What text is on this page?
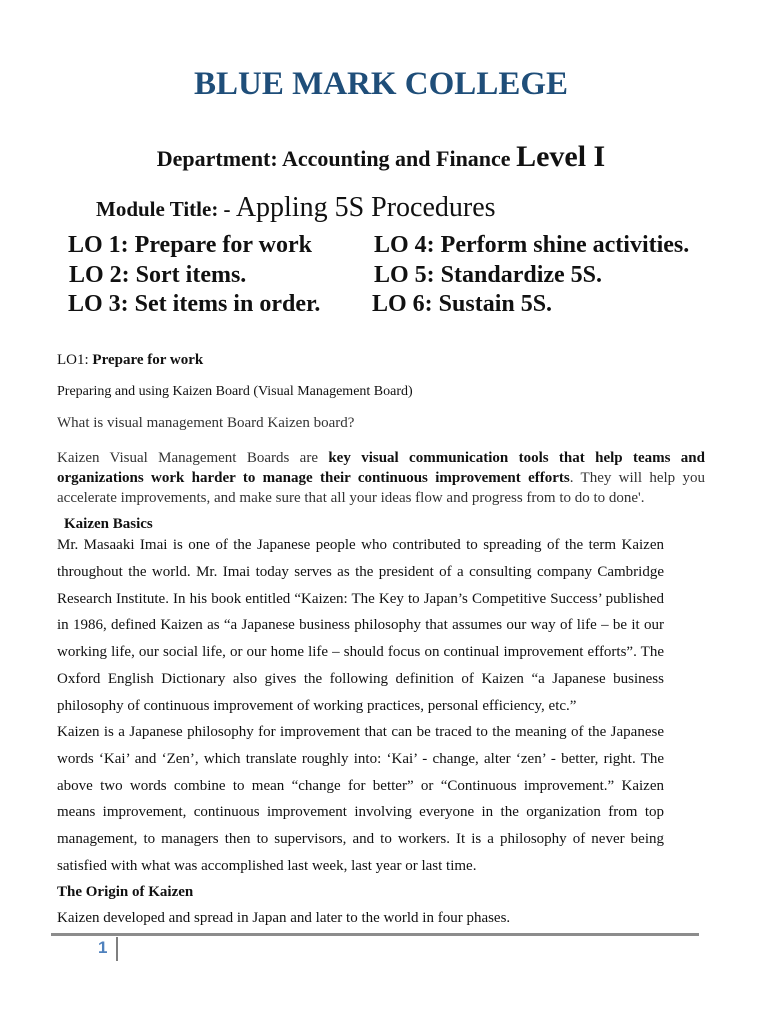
BLUE MARK COLLEGE
Department: Accounting and Finance Level I
Module Title: - Appling 5S Procedures
LO 1: Prepare for work
LO 2: Sort items.
LO 3: Set items in order.
LO 4: Perform shine activities.
LO 5: Standardize 5S.
LO 6: Sustain 5S.
LO1: Prepare for work
Preparing and using Kaizen Board (Visual Management Board)
What is visual management Board Kaizen board?

Kaizen Visual Management Boards are key visual communication tools that help teams and organizations work harder to manage their continuous improvement efforts. They will help you accelerate improvements, and make sure that all your ideas flow and progress from to do to done'.

Kaizen Basics
Mr. Masaaki Imai is one of the Japanese people who contributed to spreading of the term Kaizen
throughout the world. Mr. Imai today serves as the president of a consulting company Cambridge
Research Institute. In his book entitled “Kaizen: The Key to Japan’s Competitive Success’ published
in 1986, defined Kaizen as “a Japanese business philosophy that assumes our way of life – be it our
working life, our social life, or our home life – should focus on continual improvement efforts”. The
Oxford English Dictionary also gives the following definition of Kaizen “a Japanese business
philosophy of continuous improvement of working practices, personal efficiency, etc.”
Kaizen is a Japanese philosophy for improvement that can be traced to the meaning of the Japanese
words ‘Kai’ and ‘Zen’, which translate roughly into: ‘Kai’ - change, alter ‘zen’ - better, right. The
above two words combine to mean “change for better” or “Continuous improvement.” Kaizen
means improvement, continuous improvement involving everyone in the organization from top
management, to managers then to supervisors, and to workers. It is a philosophy of never being
satisfied with what was accomplished last week, last year or last time.
The Origin of Kaizen
Kaizen developed and spread in Japan and later to the world in four phases.
1
